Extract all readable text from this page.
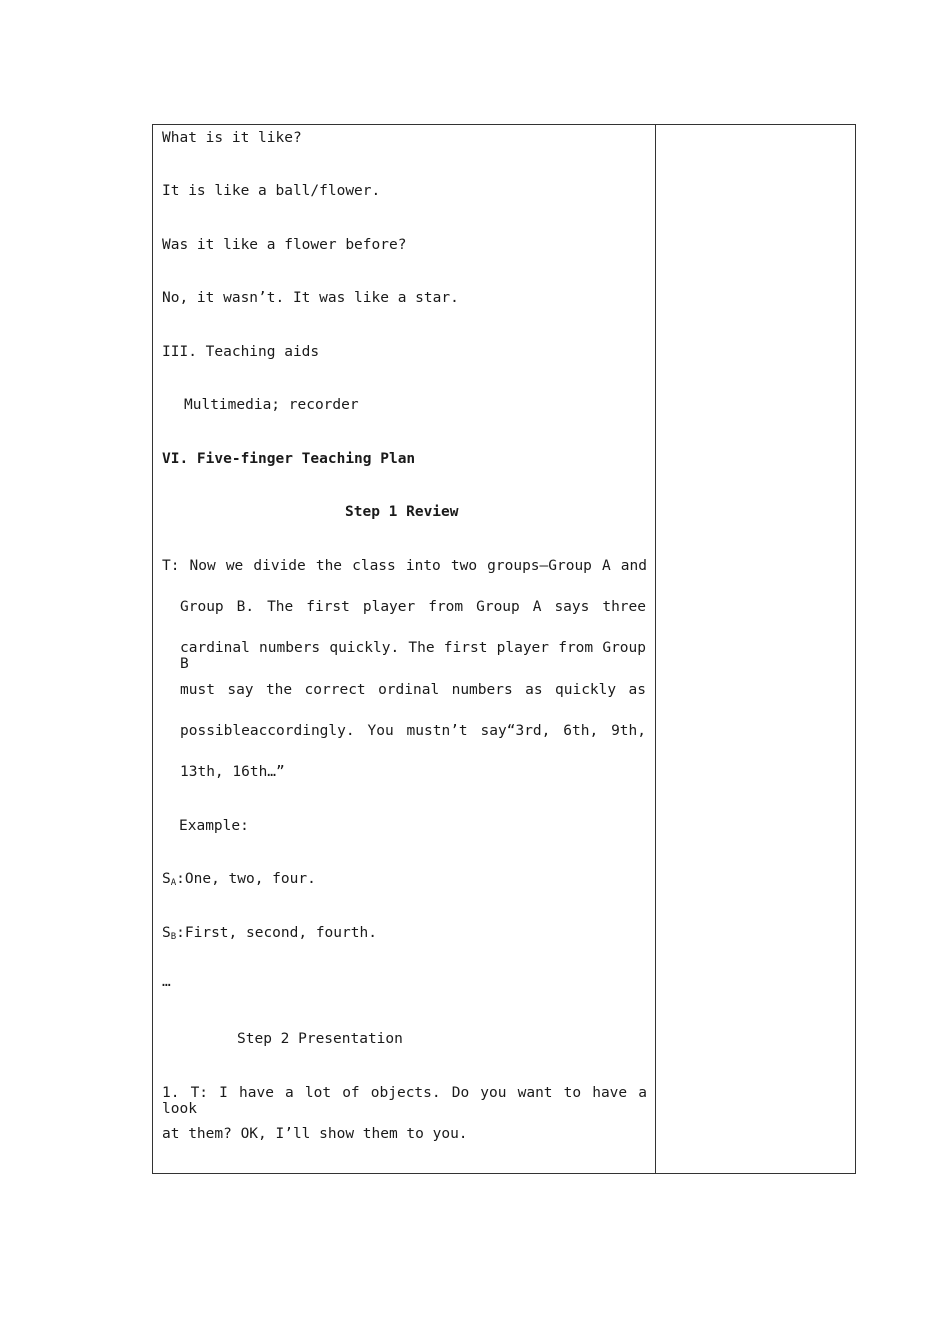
What is it like?
It is like a ball/flower.
Was it like a flower before?
No, it wasn’t. It was like a star.
III. Teaching aids
Multimedia; recorder
VI. Five-finger Teaching Plan
Step 1 Review
T: Now we divide the class into two groups—Group A and
Group B. The first player from Group A says three
cardinal numbers quickly. The first player from Group B
must say the correct ordinal numbers as quickly as
possibleaccordingly. You mustn’t say“3rd, 6th, 9th,
13th, 16th…”
Example:
$S_A:One$, two, four.
$S_B:First$, second, fourth.
…
Step 2 Presentation
1. T: I have a lot of objects. Do you want to have a look
at them? OK, I’ll show them to you.
